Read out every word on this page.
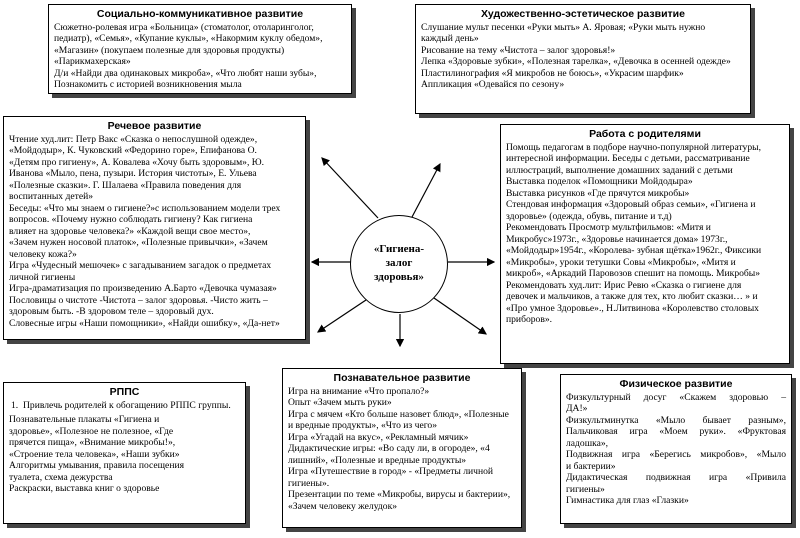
«Гигиена-
залог
здоровья»
Социально-коммуникативное развитие
Сюжетно-ролевая игра «Больница» (стоматолог, отоларинголог,
педиатр), «Семья», «Купание куклы», «Накормим куклу обедом»,
«Магазин» (покупаем полезные для здоровья продукты)
«Парикмахерская»
Д/и «Найди два одинаковых микроба», «Что любят наши зубы»,
Познакомить с историей возникновения мыла
Художественно-эстетическое развитие
Слушание мульт песенки «Руки мыть» А. Яровая; «Руки мыть нужно
каждый день»
Рисование на тему «Чистота – залог здоровья!»
Лепка «Здоровые зубки», «Полезная тарелка», «Девочка в осенней одежде»
Пластилинография «Я микробов не боюсь», «Украсим шарфик»
Аппликация «Одевайся по сезону»
Речевое развитие
Чтение худ.лит: Петр Вакс «Сказка о непослушной одежде»,
«Мойдодыр», К. Чуковский «Федорино горе», Епифанова О.
«Детям про гигиену», А. Ковалева «Хочу быть здоровым», Ю.
Иванова «Мыло, пена, пузыри. История чистоты», Е. Ульева
«Полезные сказки». Г. Шалаева «Правила поведения для
воспитанных детей»
Беседы: «Что мы знаем о гигиене?»с использованием модели трех
вопросов. «Почему нужно соблюдать гигиену? Как гигиена
влияет на здоровье человека?» «Каждой вещи свое место»,
«Зачем нужен носовой платок», «Полезные привычки», «Зачем
человеку кожа?»
Игра «Чудесный мешочек» с загадыванием загадок о предметах
личной гигиены
Игра-драматизация по произведению А.Барто «Девочка чумазая»
Пословицы о чистоте -Чистота – залог здоровья. -Чисто жить –
здоровым быть. -В здоровом теле – здоровый дух.
Словесные игры «Наши помощники», «Найди ошибку», «Да-нет»
Работа с родителями
Помощь педагогам в подборе научно-популярной литературы,
интересной информации. Беседы с детьми, рассматривание
иллюстраций, выполнение домашних заданий с детьми
Выставка поделок «Помощники Мойдодыра»
Выставка рисунков «Где прячутся микробы»
Стендовая информация «Здоровый образ семьи», «Гигиена и
здоровье» (одежда, обувь, питание и т.д)
Рекомендовать Просмотр мультфильмов: «Митя и
Микробус»1973г., «Здоровье начинается дома» 1973г.,
«Мойдодыр»1954г., «Королева- зубная щётка»1962г., Фиксики
«Микробы», уроки тетушки Совы «Микробы», «Митя и
микроб», «Аркадий Паровозов спешит на помощь. Микробы»
Рекомендовать худ.лит: Ирис Ревю «Сказка о гигиене для
девочек и мальчиков, а также для тех, кто любит сказки… » и
«Про умное Здоровье»., Н.Литвинова «Королевство столовых
приборов».
РППС
1. Привлечь родителей к обогащению РППС группы.
Познавательные плакаты «Гигиена и
здоровье», «Полезное не полезное, «Где
прячется пища», «Внимание микробы!»,
«Строение тела человека», «Наши зубки»
Алгоритмы умывания, правила посещения
туалета, схема дежурства
Раскраски, выставка книг о здоровье
Познавательное развитие
Игра на внимание «Что пропало?»
Опыт «Зачем мыть руки»
Игра с мячем «Кто больше назовет блюд», «Полезные
и вредные продукты», «Что из чего»
Игра «Угадай на вкус», «Рекламный мячик»
Дидактические игры: «Во саду ли, в огороде», «4
лишний», «Полезные и вредные продукты»
Игра «Путешествие в город» - «Предметы личной
гигиены».
Презентации по теме «Микробы, вирусы и бактерии»,
«Зачем человеку желудок»
Физическое развитие
Физкультурный досуг «Скажем здоровью –
ДА!»
Физкультминутка «Мыло бывает разным»,
Пальчиковая игра «Моем руки». «Фруктовая
ладошка»,
Подвижная игра «Берегись микробов», «Мыло
и бактерии»
Дидактическая подвижная игра «Привила
гигиены»
Гимнастика для глаз «Глазки»
